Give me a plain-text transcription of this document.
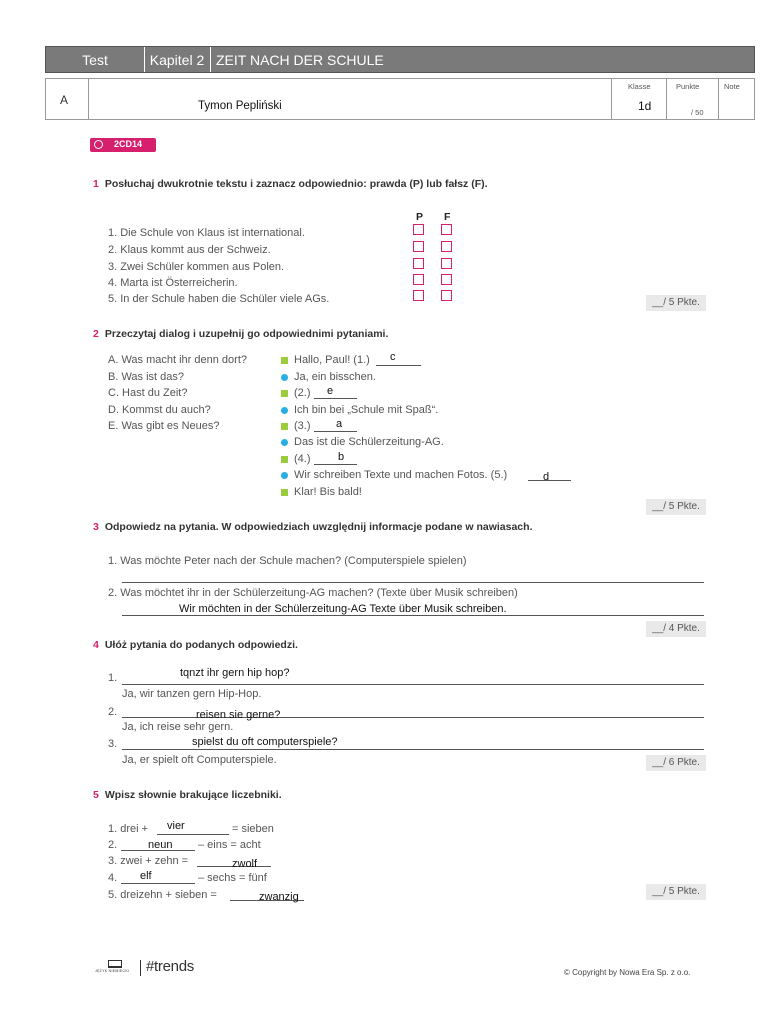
Test	Kapitel 2 ZEIT NACH DER SCHULE
A	Tymon Pepliński
Klasse
1d
Punkte
/ 50
Note
2CD14
1 Posłuchaj dwukrotnie tekstu i zaznacz odpowiednio: prawda (P) lub fałsz (F).
P F
1. Die Schule von Klaus ist international.
2. Klaus kommt aus der Schweiz.
3. Zwei Schüler kommen aus Polen.
4. Marta ist Österreicherin.
5. In der Schule haben die Schüler viele AGs.	__/ 5 Pkte.
2 Przeczytaj dialog i uzupełnij go odpowiednimi pytaniami.
A. Was macht ihr denn dort?
B. Was ist das?
C. Hast du Zeit?
D. Kommst du auch?
E. Was gibt es Neues?
Hallo, Paul! (1.) c
Ja, ein bisschen.
(2.) e
Ich bin bei „Schule mit Spaß“.
(3.) a
Das ist die Schülerzeitung-AG.
(4.)	b
Wir schreiben Texte und machen Fotos. (5.)	d
Klar! Bis bald!
__/ 5 Pkte.
3 Odpowiedz na pytania. W odpowiedziach uwzględnij informacje podane w nawiasach.
1. Was möchte Peter nach der Schule machen? (Computerspiele spielen)
2. Was möchtet ihr in der Schülerzeitung-AG machen? (Texte über Musik schreiben)
Wir möchten in der Schülerzeitung-AG Texte über Musik schreiben.
__/ 4 Pkte.
4 Ułóż pytania do podanych odpowiedzi.
1.	tqnzt ihr gern hip hop?
Ja, wir tanzen gern Hip-Hop.
2.	reisen sie gerne?
Ja, ich reise sehr gern.
3.	spielst du oft computerspiele?
Ja, er spielt oft Computerspiele.	__/ 6 Pkte.
5 Wpisz słownie brakujące liczebniki.
1. drei + vier	= sieben
2.	neun – eins = acht
3. zwei + zehn =	zwolf
4. elf	– sechs = fünf
5. dreizehn + sieben =	zwanzig	__/ 5 Pkte.
JĘZYK NIEMIECKI #trends	© Copyright by Nowa Era Sp. z o.o.
